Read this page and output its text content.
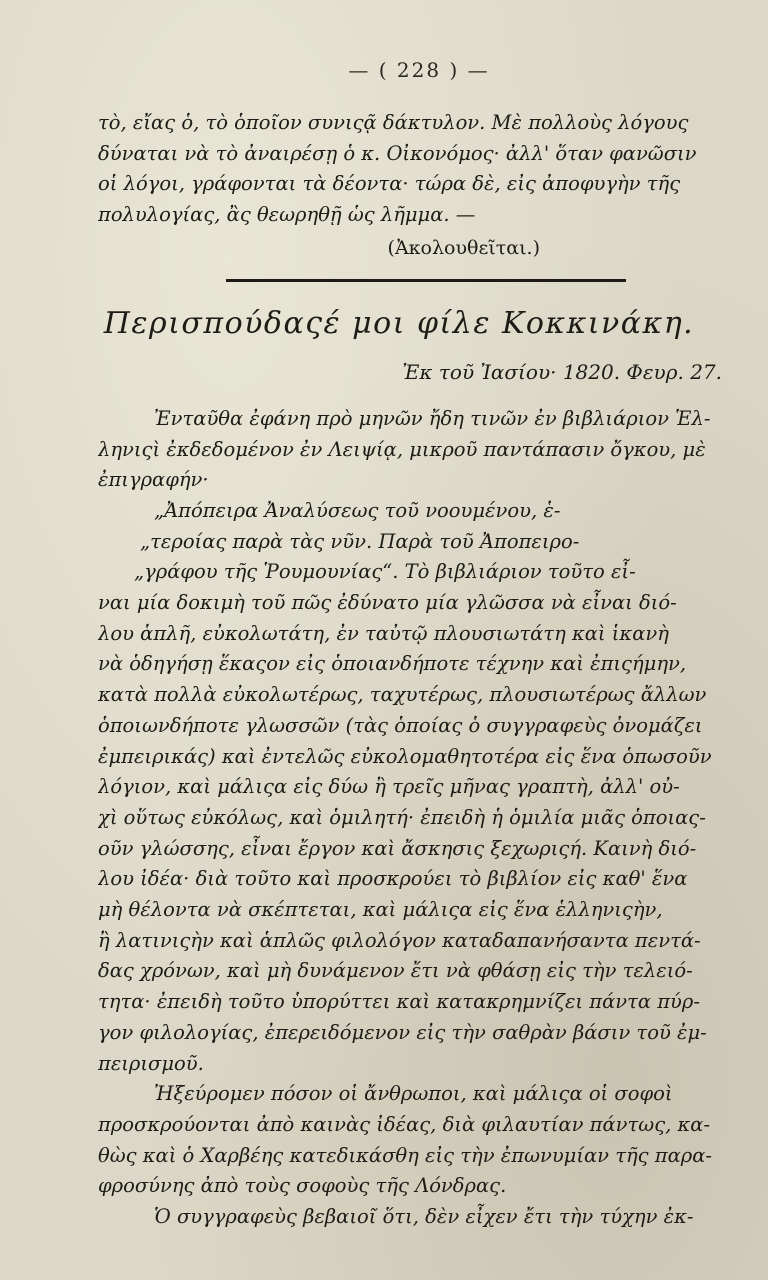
— ( 228 ) —
τὸ, εἴας ὁ, τὸ ὁποῖον συνιςᾷ δάκτυλον. Μὲ πολλοὺς λόγους
δύναται νὰ τὸ ἀναιρέσῃ ὁ κ. Οἰκονόμος· ἀλλ' ὅταν φανῶσιν
οἱ λόγοι, γράφονται τὰ δέοντα· τώρα δὲ, εἰς ἀποφυγὴν τῆς
πολυλογίας, ἂς θεωρηθῇ ὡς λῆμμα. —
(Ἀκολουθεῖται.)
Περισπούδαςέ μοι φίλε Κοκκινάκη.
Ἐκ τοῦ Ἰασίου· 1820. Φευρ. 27.
Ἐνταῦθα ἐφάνη πρὸ μηνῶν ἤδη τινῶν ἐν βιβλιάριον Ἑλ-
ληνιςὶ ἐκδεδομένον ἐν Λειψίᾳ, μικροῦ παντάπασιν ὄγκου, μὲ
ἐπιγραφήν·
„Ἀπόπειρα Ἀναλύσεως τοῦ νοουμένου, ἑ-
„τεροίας παρὰ τὰς νῦν. Παρὰ τοῦ Ἀποπειρο-
„γράφου τῆς Ῥουμουνίας“. Τὸ βιβλιάριον τοῦτο εἶ-
ναι μία δοκιμὴ τοῦ πῶς ἐδύνατο μία γλῶσσα νὰ εἶναι διό-
λου ἁπλῆ, εὐκολωτάτη, ἐν ταὐτῷ πλουσιωτάτη καὶ ἱκανὴ
νὰ ὁδηγήσῃ ἕκαςον εἰς ὁποιανδήποτε τέχνην καὶ ἐπιςήμην,
κατὰ πολλὰ εὐκολωτέρως, ταχυτέρως, πλουσιωτέρως ἄλλων
ὁποιωνδήποτε γλωσσῶν (τὰς ὁποίας ὁ συγγραφεὺς ὀνομάζει
ἐμπειρικάς) καὶ ἐντελῶς εὐκολομαθητοτέρα εἰς ἕνα ὁπωσοῦν
λόγιον, καὶ μάλιςα εἰς δύω ἢ τρεῖς μῆνας γραπτὴ, ἀλλ' οὐ-
χὶ οὕτως εὐκόλως, καὶ ὁμιλητή· ἐπειδὴ ἡ ὁμιλία μιᾶς ὁποιας-
οῦν γλώσσης, εἶναι ἔργον καὶ ἄσκησις ξεχωριςή. Καινὴ διό-
λου ἰδέα· διὰ τοῦτο καὶ προσκρούει τὸ βιβλίον εἰς καθ' ἕνα
μὴ θέλοντα νὰ σκέπτεται, καὶ μάλιςα εἰς ἕνα ἑλληνιςὴν,
ἢ λατινιςὴν καὶ ἁπλῶς φιλολόγον καταδαπανήσαντα πεντά-
δας χρόνων, καὶ μὴ δυνάμενον ἔτι νὰ φθάσῃ εἰς τὴν τελειό-
τητα· ἐπειδὴ τοῦτο ὑπορύττει καὶ κατακρημνίζει πάντα πύρ-
γον φιλολογίας, ἐπερειδόμενον εἰς τὴν σαθρὰν βάσιν τοῦ ἐμ-
πειρισμοῦ.
Ἠξεύρομεν πόσον οἱ ἄνθρωποι, καὶ μάλιςα οἱ σοφοὶ
προσκρούονται ἀπὸ καινὰς ἰδέας, διὰ φιλαυτίαν πάντως, κα-
θὼς καὶ ὁ Χαρβέης κατεδικάσθη εἰς τὴν ἐπωνυμίαν τῆς παρα-
φροσύνης ἀπὸ τοὺς σοφοὺς τῆς Λόνδρας.
Ὁ συγγραφεὺς βεβαιοῖ ὅτι, δὲν εἶχεν ἔτι τὴν τύχην ἐκ-
